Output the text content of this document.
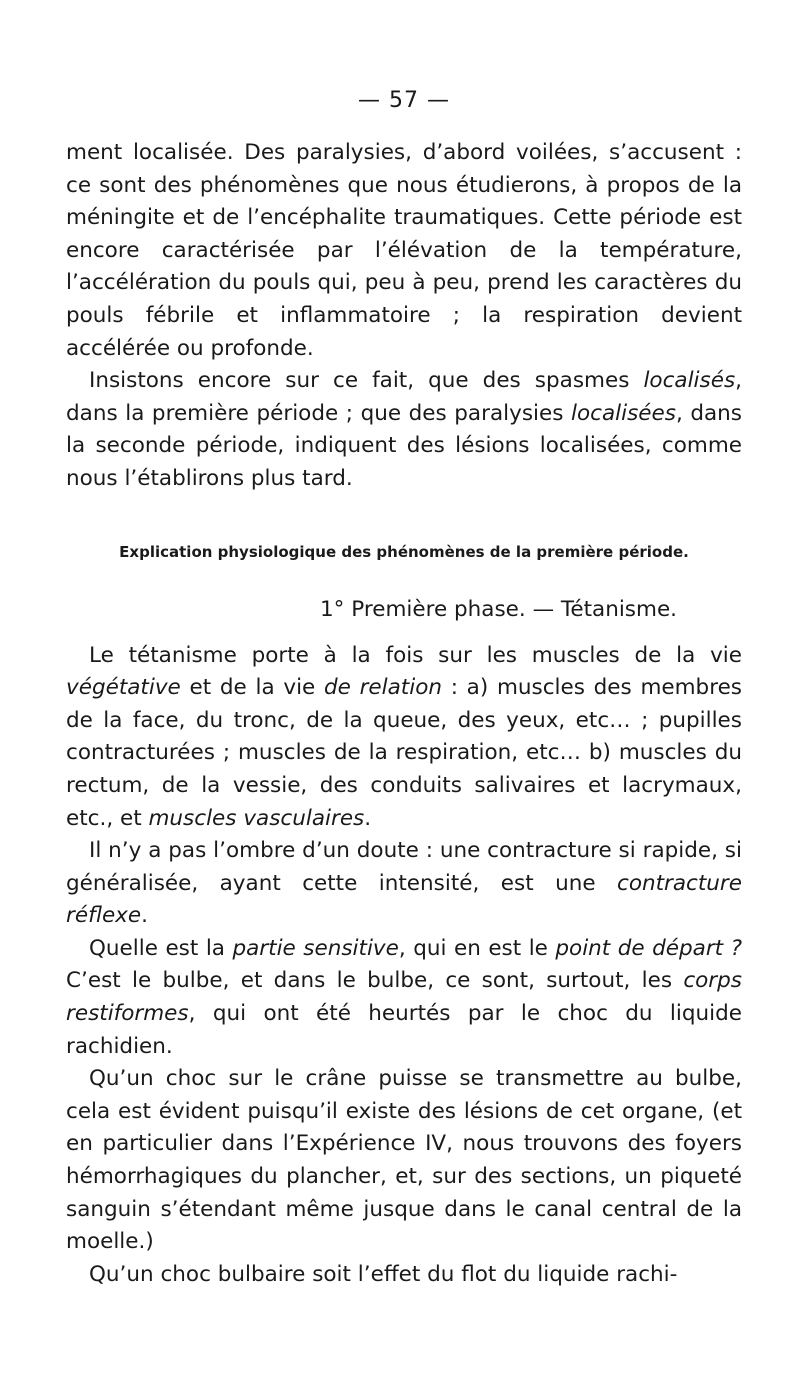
— 57 —

ment localisée. Des paralysies, d’abord voilées, s’accusent : ce sont des phénomènes que nous étudierons, à propos de la méningite et de l’encéphalite traumatiques. Cette période est encore caractérisée par l’élévation de la température, l’accélération du pouls qui, peu à peu, prend les caractères du pouls fébrile et inflammatoire ; la respiration devient accélérée ou profonde.

Insistons encore sur ce fait, que des spasmes localisés, dans la première période ; que des paralysies localisées, dans la seconde période, indiquent des lésions localisées, comme nous l’établirons plus tard.

Explication physiologique des phénomènes de la première période.
1° Première phase. — Tétanisme.

Le tétanisme porte à la fois sur les muscles de la vie végétative et de la vie de relation : a) muscles des membres de la face, du tronc, de la queue, des yeux, etc… ; pupilles contracturées ; muscles de la respiration, etc… b) muscles du rectum, de la vessie, des conduits salivaires et lacrymaux, etc., et muscles vasculaires.

Il n’y a pas l’ombre d’un doute : une contracture si rapide, si généralisée, ayant cette intensité, est une contracture réflexe.

Quelle est la partie sensitive, qui en est le point de départ ? C’est le bulbe, et dans le bulbe, ce sont, surtout, les corps restiformes, qui ont été heurtés par le choc du liquide rachidien.

Qu’un choc sur le crâne puisse se transmettre au bulbe, cela est évident puisqu’il existe des lésions de cet organe, (et en particulier dans l’Expérience IV, nous trouvons des foyers hémorrhagiques du plancher, et, sur des sections, un piqueté sanguin s’étendant même jusque dans le canal central de la moelle.)

Qu’un choc bulbaire soit l’effet du flot du liquide rachi-
